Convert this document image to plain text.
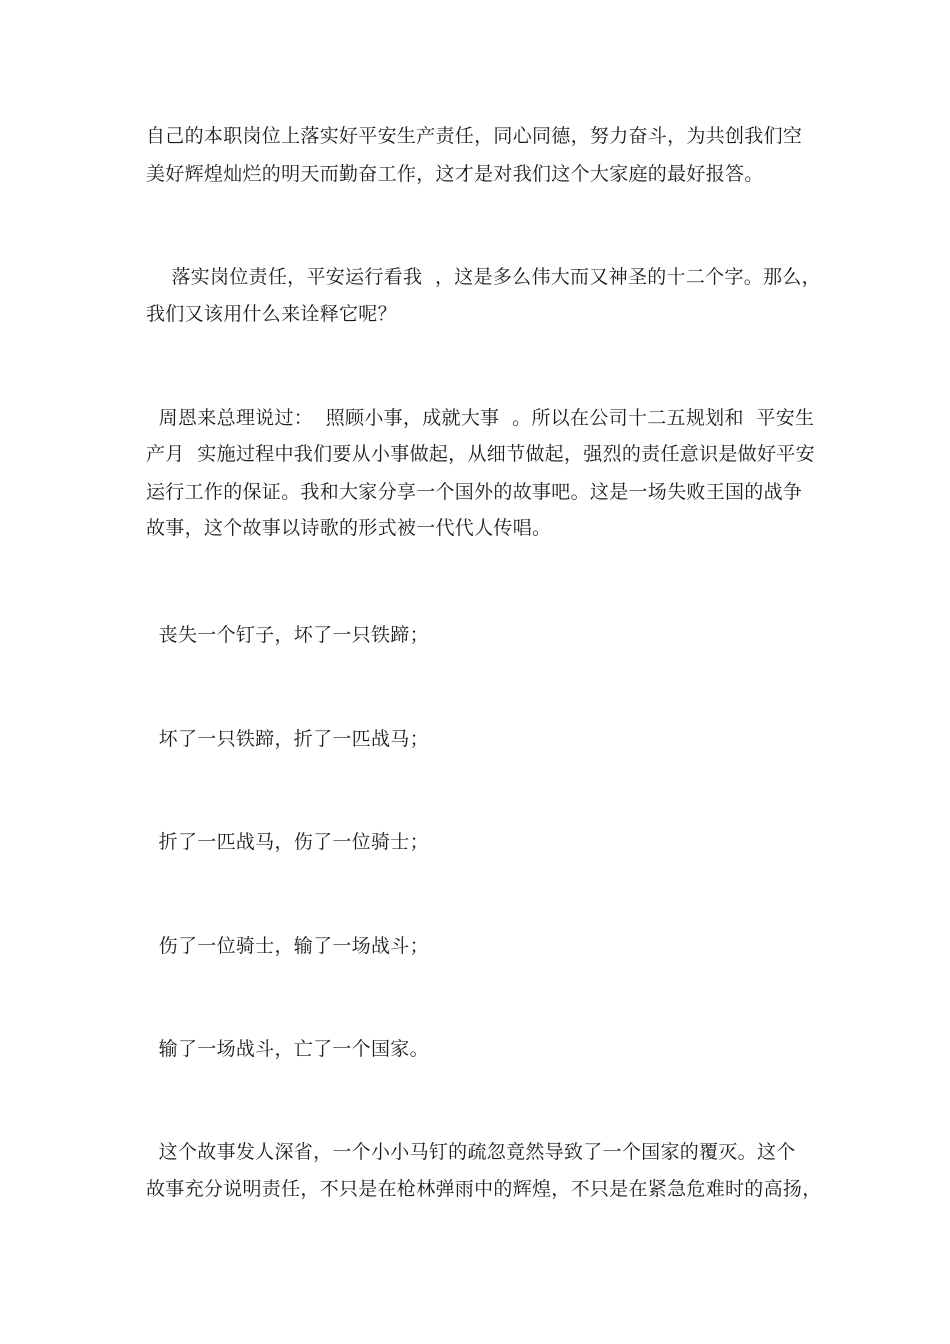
自己的本职岗位上落实好平安生产责任，同心同德，努力奋斗，为共创我们空
美好辉煌灿烂的明天而勤奋工作，这才是对我们这个大家庭的最好报答。
落实岗位责任，平安运行看我  ，这是多么伟大而又神圣的十二个字。那么，
我们又该用什么来诠释它呢？
周恩来总理说过：  照顾小事，成就大事  。所以在公司十二五规划和  平安生
产月  实施过程中我们要从小事做起，从细节做起，强烈的责任意识是做好平安
运行工作的保证。我和大家分享一个国外的故事吧。这是一场失败王国的战争
故事，这个故事以诗歌的形式被一代代人传唱。
丧失一个钉子，坏了一只铁蹄；
坏了一只铁蹄，折了一匹战马；
折了一匹战马，伤了一位骑士；
伤了一位骑士，输了一场战斗；
输了一场战斗，亡了一个国家。
这个故事发人深省，一个小小马钉的疏忽竟然导致了一个国家的覆灭。这个
故事充分说明责任，不只是在枪林弹雨中的辉煌，不只是在紧急危难时的高扬，
